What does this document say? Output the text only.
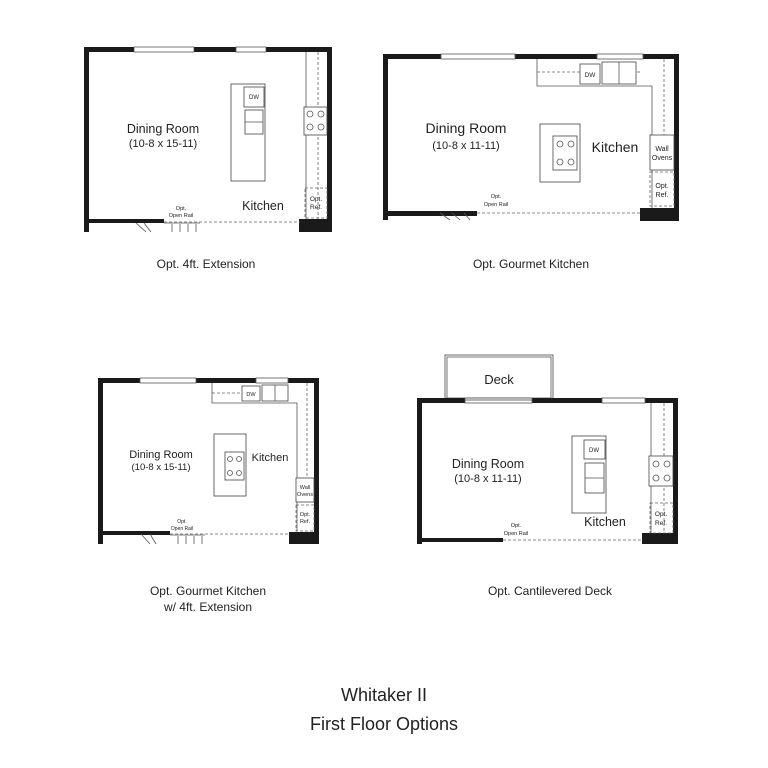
Dining Room
(10-8 x 15-11)
Kitchen
DW
Opt.
Ref.
Opt.
Open Rail
Opt. 4ft. Extension
Dining Room
(10-8 x 11-11)	Kitchen
DW
Wall
Ovens
Opt.
Ref.
Opt.
Open Rail
Opt. Gourmet Kitchen
Dining Room
(10-8 x 15-11)
Kitchen
DW
Wall
Ovens
Opt.
Ref.
Opt.
Open Rail
Opt. Gourmet Kitchen
w/ 4ft. Extension
Deck
Dining Room
(10-8 x 11-11)
Kitchen
DW
Opt.
Ref.
Opt.
Open Rail
Opt. Cantilevered Deck
Whitaker II
First Floor Options
